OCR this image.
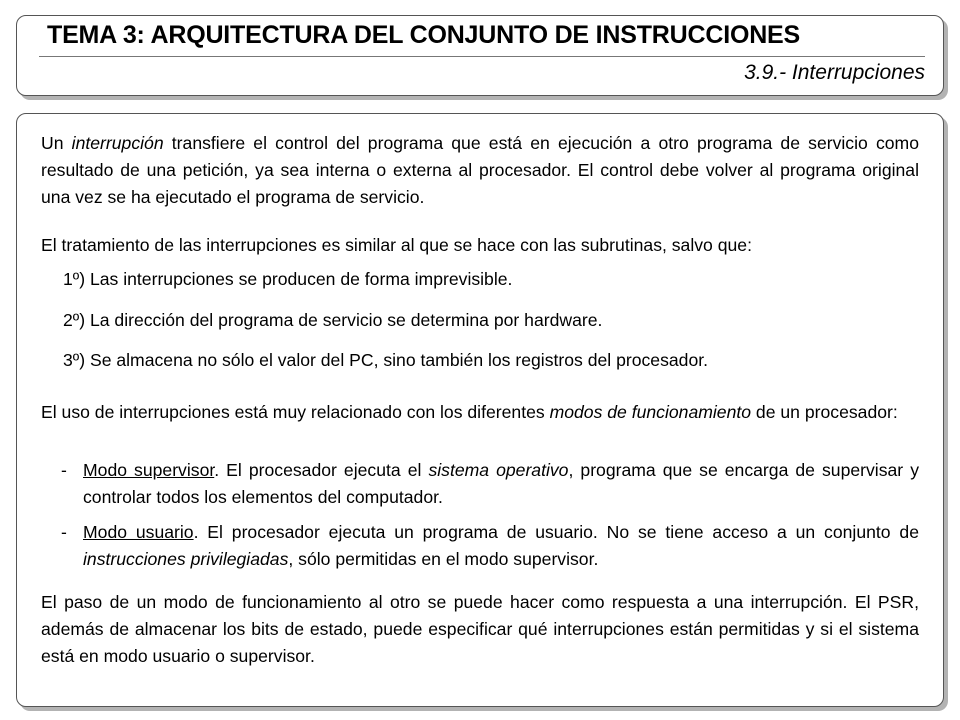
TEMA 3: ARQUITECTURA DEL CONJUNTO DE INSTRUCCIONES
3.9.- Interrupciones
Un interrupción transfiere el control del programa que está en ejecución a otro programa de servicio como resultado de una petición, ya sea interna o externa al procesador. El control debe volver al programa original una vez se ha ejecutado el programa de servicio.
El tratamiento de las interrupciones es similar al que se hace con las subrutinas, salvo que:
1º) Las interrupciones se producen de forma imprevisible.
2º) La dirección del programa de servicio se determina por hardware.
3º) Se almacena no sólo el valor del PC, sino también los registros del procesador.
El uso de interrupciones está muy relacionado con los diferentes modos de funcionamiento de un procesador:
- Modo supervisor. El procesador ejecuta el sistema operativo, programa que se encarga de supervisar y controlar todos los elementos del computador.
- Modo usuario. El procesador ejecuta un programa de usuario. No se tiene acceso a un conjunto de instrucciones privilegiadas, sólo permitidas en el modo supervisor.
El paso de un modo de funcionamiento al otro se puede hacer como respuesta a una interrupción. El PSR, además de almacenar los bits de estado, puede especificar qué interrupciones están permitidas y si el sistema está en modo usuario o supervisor.
